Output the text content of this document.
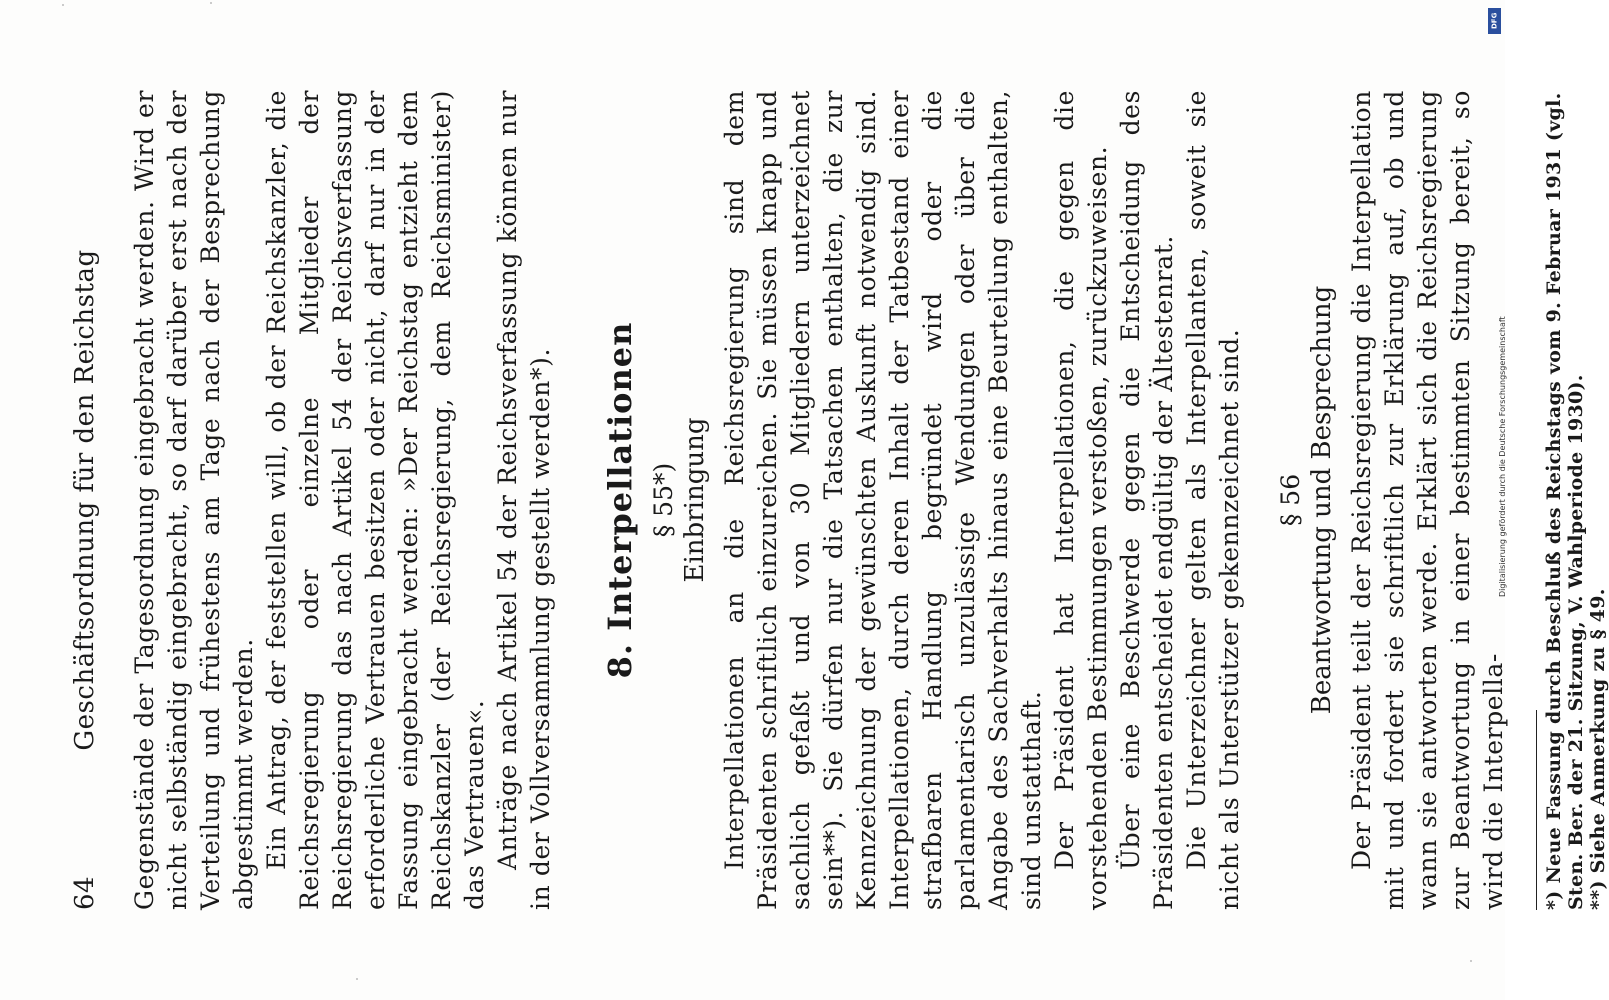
64
Geschäftsordnung für den Reichstag Gegenstände der Tagesordnung eingebracht werden. Wird er nicht selbständig eingebracht, so darf darüber erst nach der Verteilung und frühestens am Tage nach der Besprechung abgestimmt werden. Ein Antrag, der feststellen will, ob der Reichskanzler, die Reichsregierung oder einzelne Mitglieder der Reichsregierung das nach Artikel 54 der Reichsverfassung erforderliche Vertrauen besitzen oder nicht, darf nur in der Fassung eingebracht werden: »Der Reichstag entzieht dem Reichskanzler (der Reichsregierung, dem Reichsminister) das Vertrauen«. Anträge nach Artikel 54 der Reichsverfassung können nur in der Vollversammlung gestellt werden*). 8. Interpellationen § 55*) Einbringung Interpellationen an die Reichsregierung sind dem Präsidenten schriftlich einzureichen. Sie müssen knapp und sachlich gefaßt und von 30 Mitgliedern unterzeichnet sein**). Sie dürfen nur die Tatsachen enthalten, die zur Kennzeichnung der gewünschten Auskunft notwendig sind. Interpellationen, durch deren Inhalt der Tatbestand einer strafbaren Handlung begründet wird oder die parlamentarisch unzulässige Wendungen oder über die Angabe des Sachverhalts hinaus eine Beurteilung enthalten, sind unstatthaft. Der Präsident hat Interpellationen, die gegen die vorstehenden Bestimmungen verstoßen, zurückzuweisen. Über eine Beschwerde gegen die Entscheidung des Präsidenten entscheidet endgültig der Ältestenrat. Die Unterzeichner gelten als Interpellanten, soweit sie nicht als Unterstützer gekennzeichnet sind. § 56 Beantwortung und Besprechung Der Präsident teilt der Reichsregierung die Interpellation mit und fordert sie schriftlich zur Erklärung auf, ob und wann sie antworten werde. Erklärt sich die Reichsregierung zur Beantwortung in einer bestimmten Sitzung bereit, so wird die Interpella- *) Neue Fassung durch Beschluß des Reichstags vom 9. Februar 1931 (vgl. Sten. Ber. der 21. Sitzung, V. Wahlperiode 1930). **) Siehe Anmerkung zu § 49.

DFG
Digitalisierung gefördert durch die Deutsche Forschungsgemeinschaft
